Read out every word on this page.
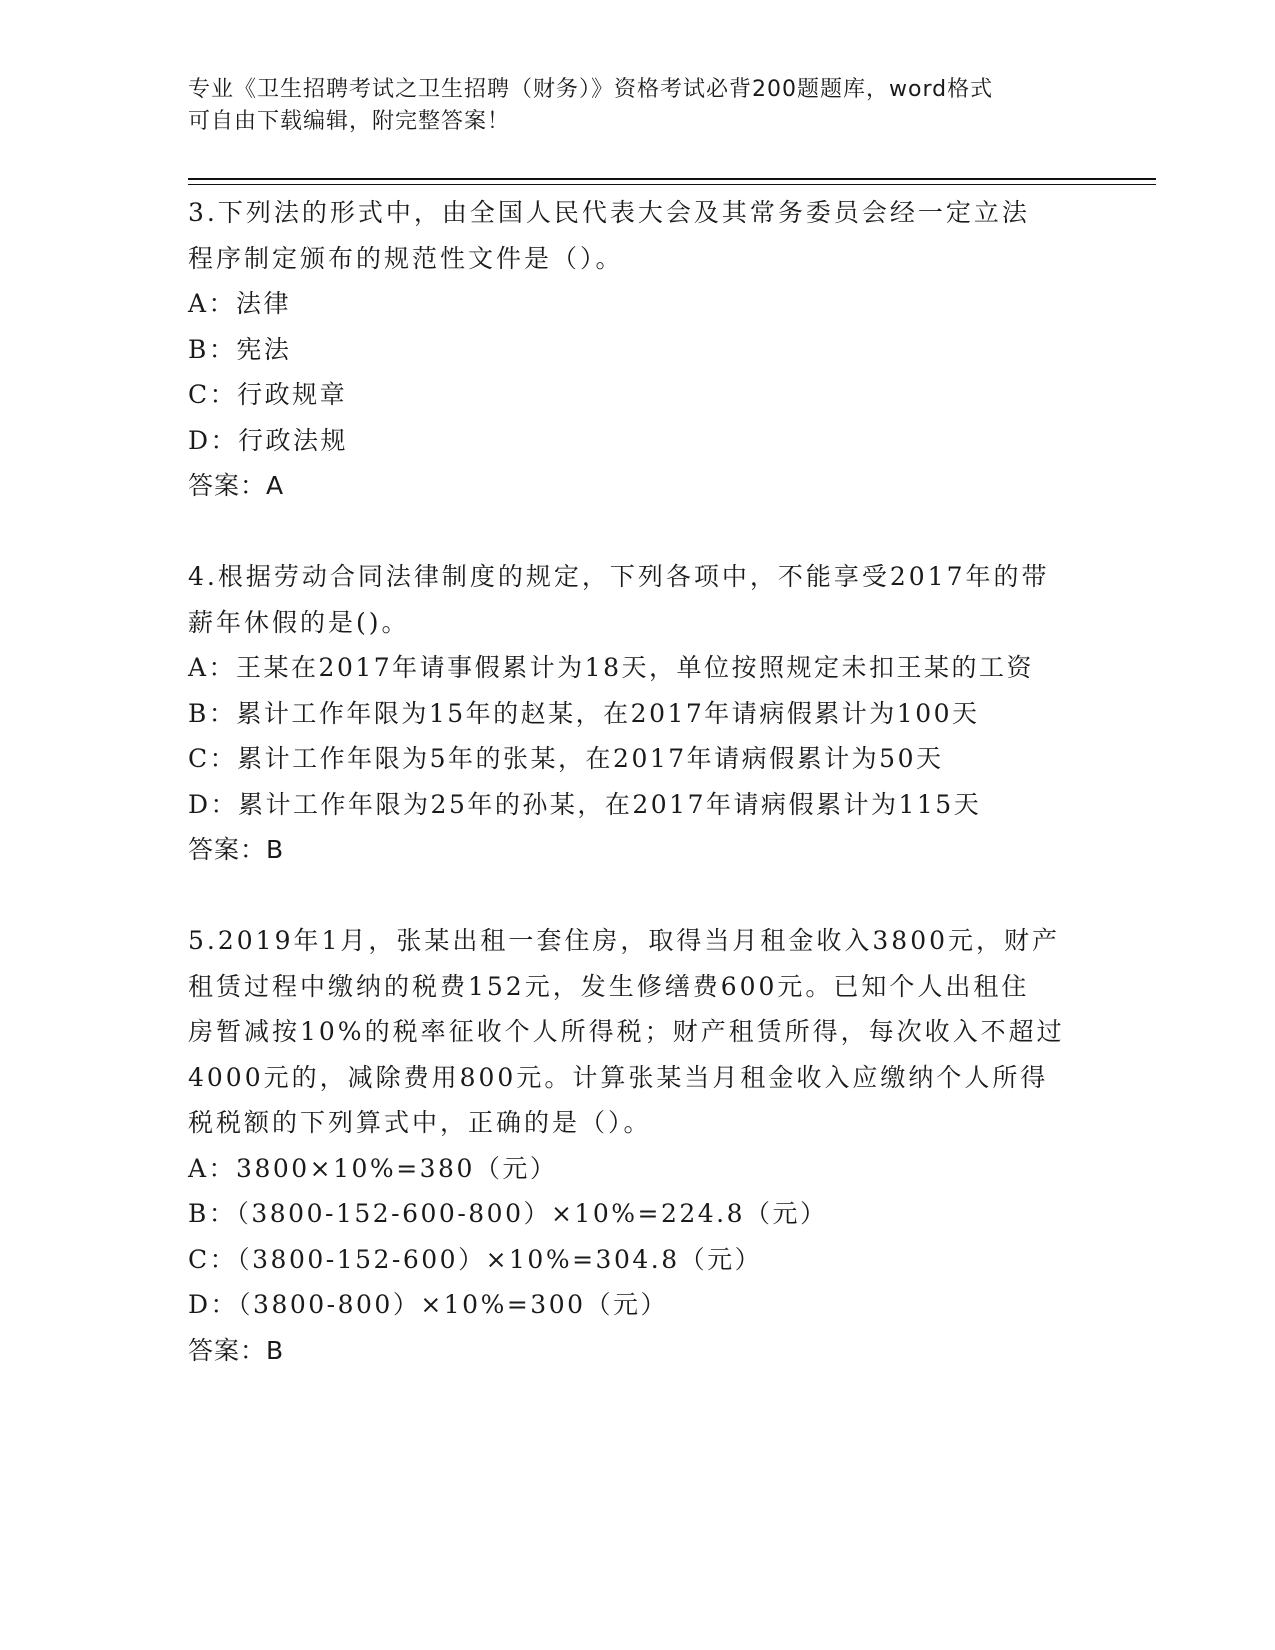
专业《卫生招聘考试之卫生招聘（财务）》资格考试必背200题题库，word格式
可自由下载编辑，附完整答案！

3.下列法的形式中，由全国人民代表大会及其常务委员会经一定立法

程序制定颁布的规范性文件是（）。

A：法律

B：宪法

C：行政规章

D：行政法规

答案：A

4.根据劳动合同法律制度的规定，下列各项中，不能享受2017年的带

薪年休假的是()。

A：王某在2017年请事假累计为18天，单位按照规定未扣王某的工资

B：累计工作年限为15年的赵某，在2017年请病假累计为100天

C：累计工作年限为5年的张某，在2017年请病假累计为50天

D：累计工作年限为25年的孙某，在2017年请病假累计为115天

答案：B

5.2019年1月，张某出租一套住房，取得当月租金收入3800元，财产

租赁过程中缴纳的税费152元，发生修缮费600元。已知个人出租住

房暂减按10%的税率征收个人所得税；财产租赁所得，每次收入不超过

4000元的，减除费用800元。计算张某当月租金收入应缴纳个人所得

税税额的下列算式中，正确的是（）。

A：3800×10%=380（元）

B：（3800-152-600-800）×10%=224.8（元）

C：（3800-152-600）×10%=304.8（元）

D：（3800-800）×10%=300（元）

答案：B
